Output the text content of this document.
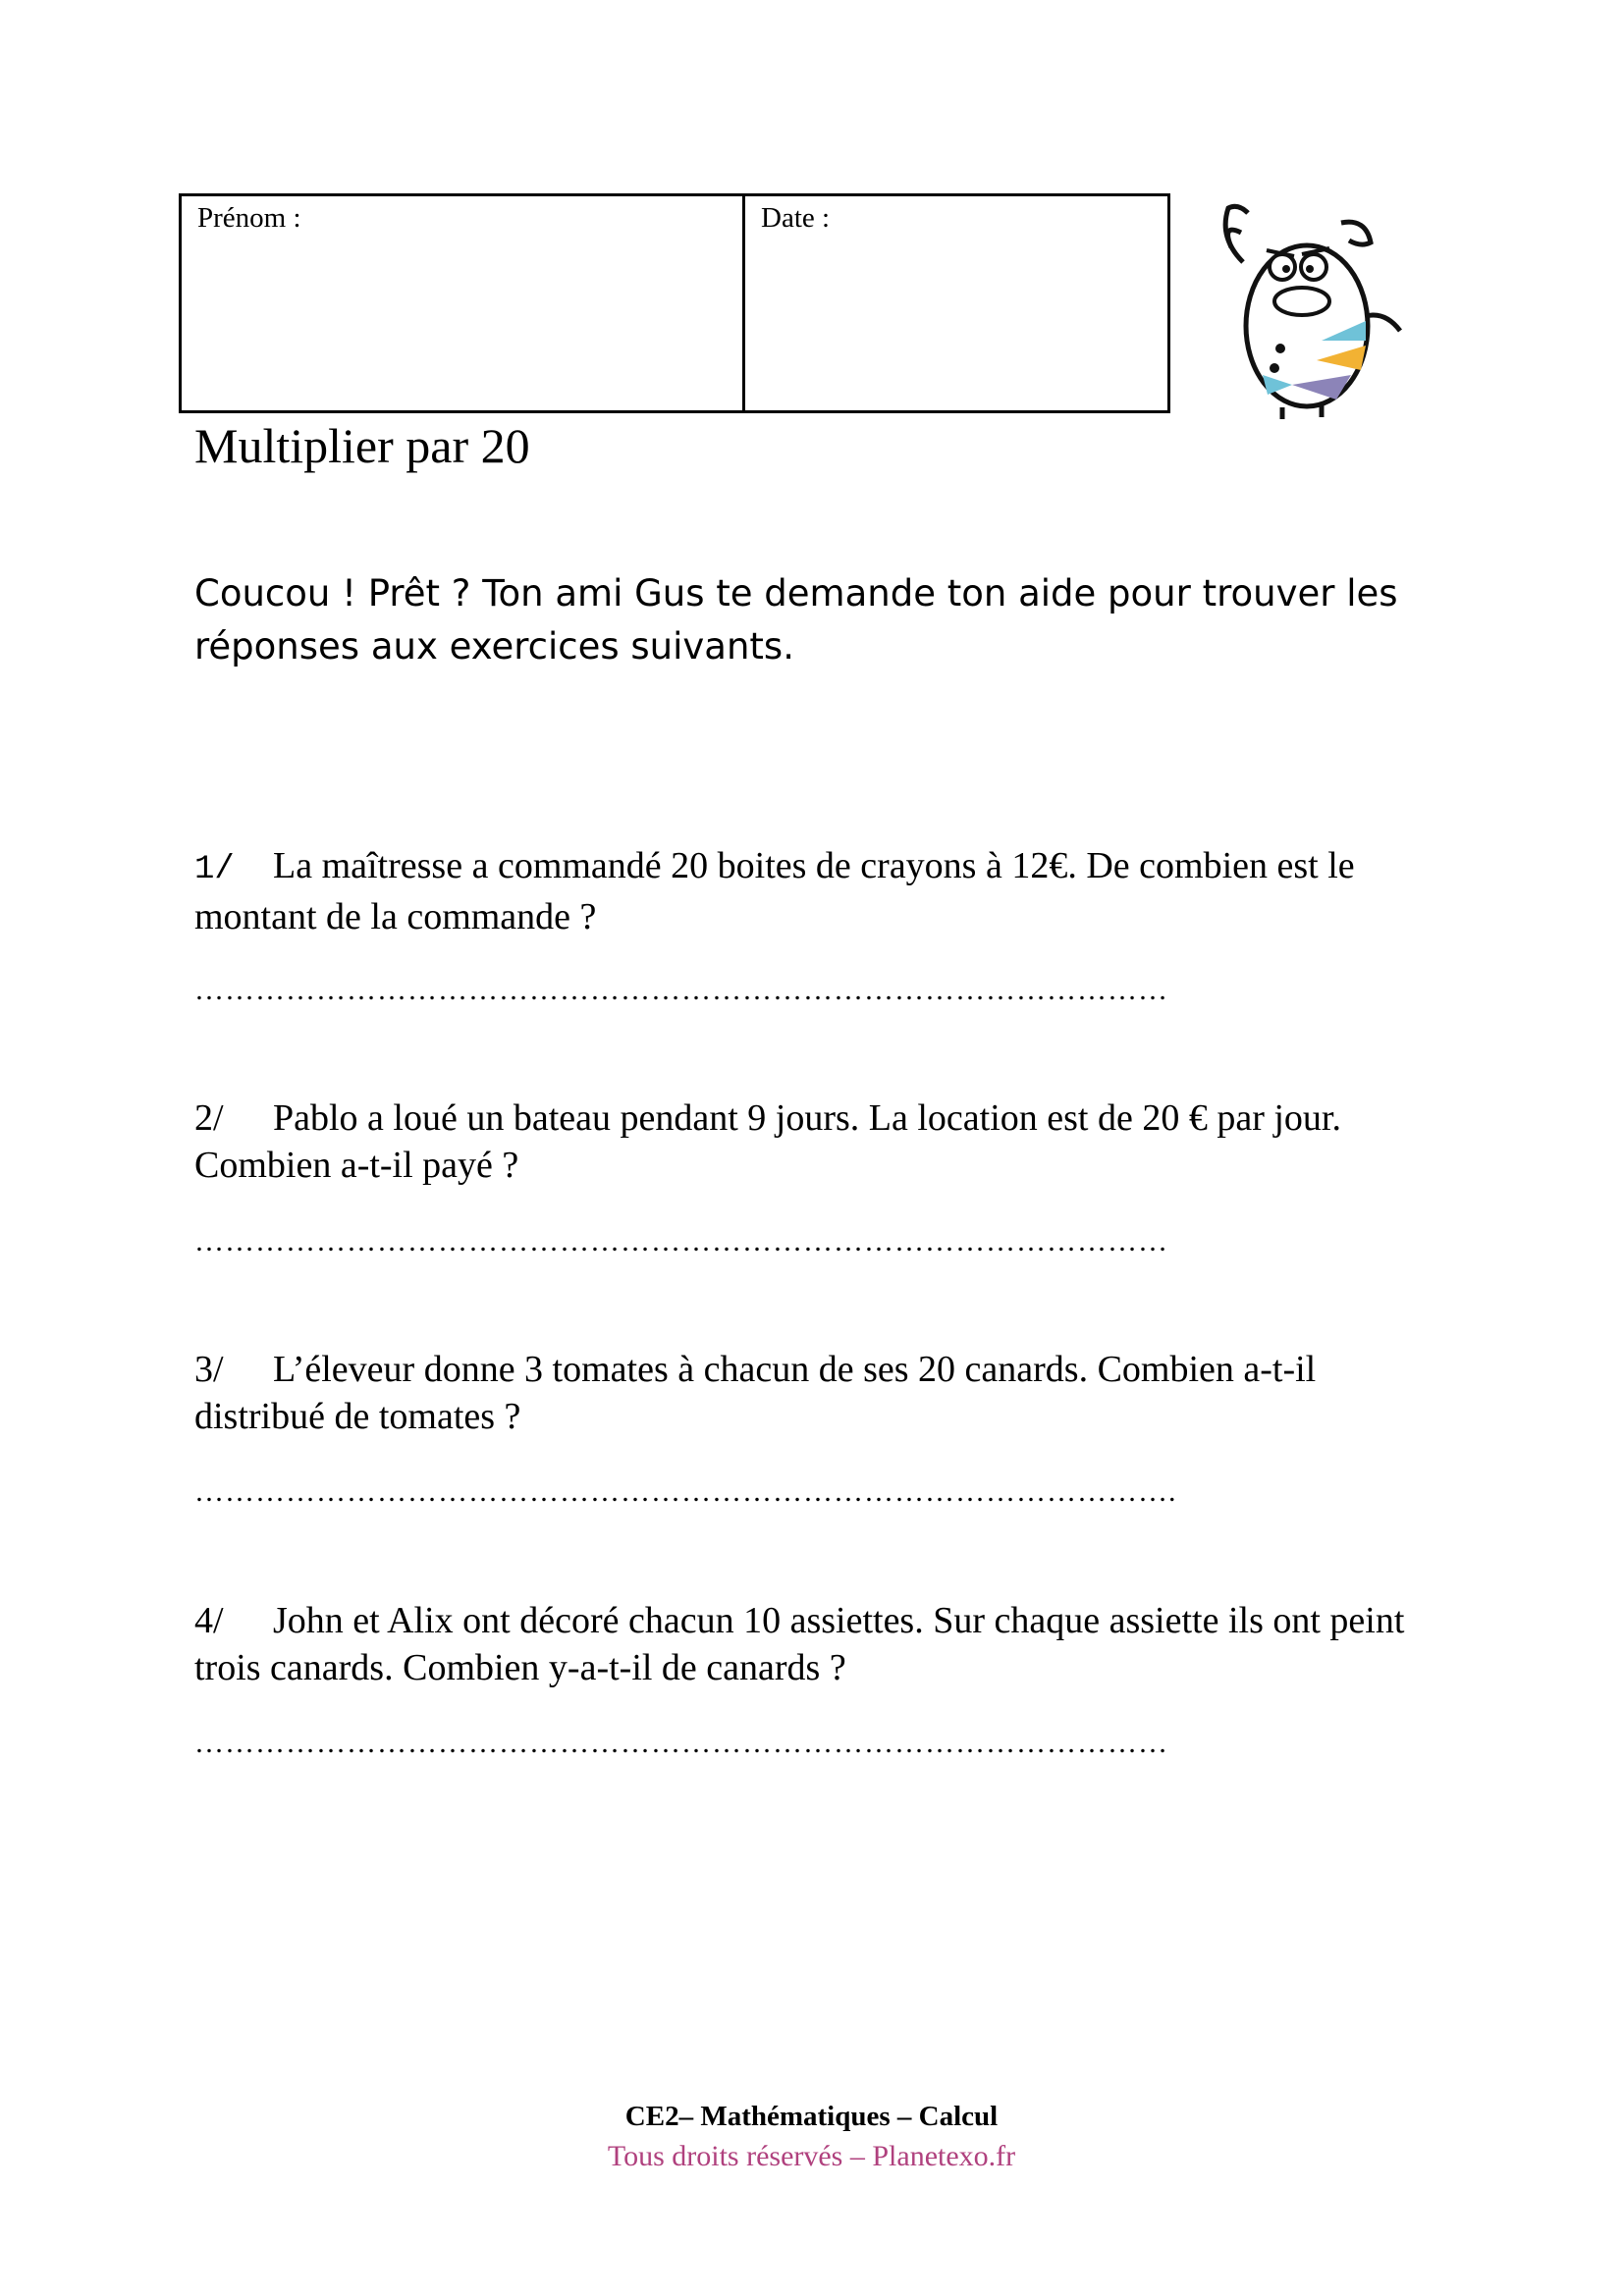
Prénom :	Date :
Multiplier par 20

Coucou ! Prêt ? Ton ami Gus te demande ton aide pour trouver les réponses aux exercices suivants.

1/ La maîtresse a commandé 20 boites de crayons à 12€. De combien est le montant de la commande ?
……………………………………………………………………………………
2/ Pablo a loué un bateau pendant 9 jours. La location est de 20 € par jour. Combien a-t-il payé ?
……………………………………………………………………………………
3/ L’éleveur donne 3 tomates à chacun de ses 20 canards. Combien a-t-il distribué de tomates ?
…………………………………………………………………………………….
4/ John et Alix ont décoré chacun 10 assiettes. Sur chaque assiette ils ont peint trois canards. Combien y-a-t-il de canards ?
……………………………………………………………………………………
CE2– Mathématiques – Calcul
Tous droits réservés – Planetexo.fr
